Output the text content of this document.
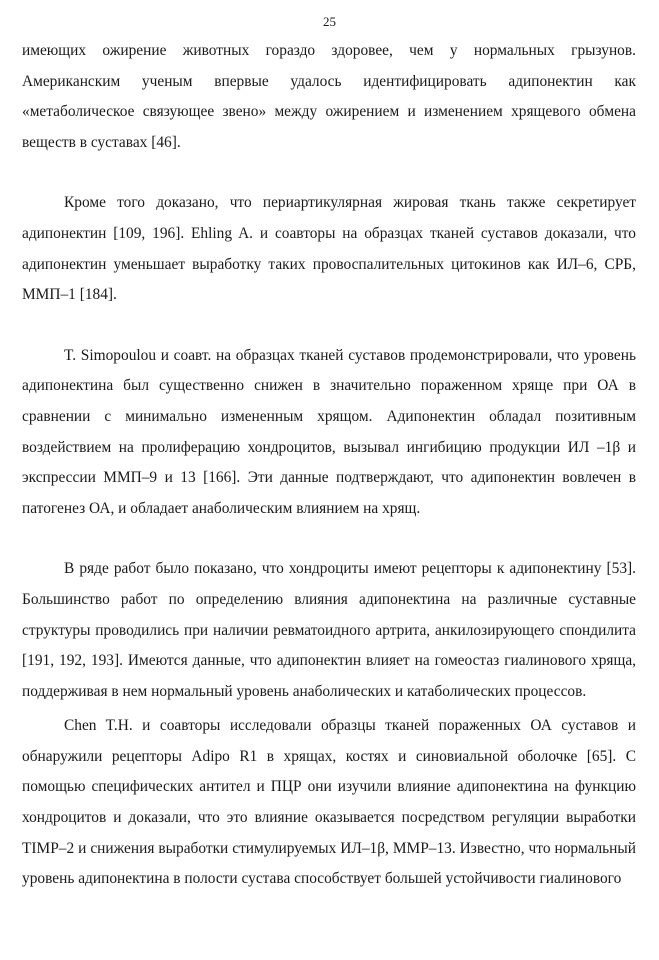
25

имеющих ожирение животных гораздо здоровее, чем у нормальных грызунов. Американским ученым впервые удалось идентифицировать адипонектин как «метаболическое связующее звено» между ожирением и изменением хрящевого обмена веществ в суставах [46].

Кроме того доказано, что периартикулярная жировая ткань также секретирует адипонектин [109, 196]. Ehling A. и соавторы на образцах тканей суставов доказали, что адипонектин уменьшает выработку таких провоспалительных цитокинов как ИЛ–6, СРБ, ММП–1 [184].

T. Simopoulou и соавт. на образцах тканей суставов продемонстрировали, что уровень адипонектина был существенно снижен в значительно пораженном хряще при ОА в сравнении с минимально измененным хрящом. Адипонектин обладал позитивным воздействием на пролиферацию хондроцитов, вызывал ингибицию продукции ИЛ –1β и экспрессии ММП–9 и 13 [166]. Эти данные подтверждают, что адипонектин вовлечен в патогенез ОА, и обладает анаболическим влиянием на хрящ.

В ряде работ было показано, что хондроциты имеют рецепторы к адипонектину [53]. Большинство работ по определению влияния адипонектина на различные суставные структуры проводились при наличии ревматоидного артрита, анкилозирующего спондилита [191, 192, 193]. Имеются данные, что адипонектин влияет на гомеостаз гиалинового хряща, поддерживая в нем нормальный уровень анаболических и катаболических процессов.

Chen T.H. и соавторы исследовали образцы тканей пораженных ОА суставов и обнаружили рецепторы Adipo R1 в хрящах, костях и синовиальной оболочке [65]. С помощью специфических антител и ПЦР они изучили влияние адипонектина на функцию хондроцитов и доказали, что это влияние оказывается посредством регуляции выработки TIMP–2 и снижения выработки стимулируемых ИЛ–1β, MMP–13. Известно, что нормальный уровень адипонектина в полости сустава способствует большей устойчивости гиалинового
